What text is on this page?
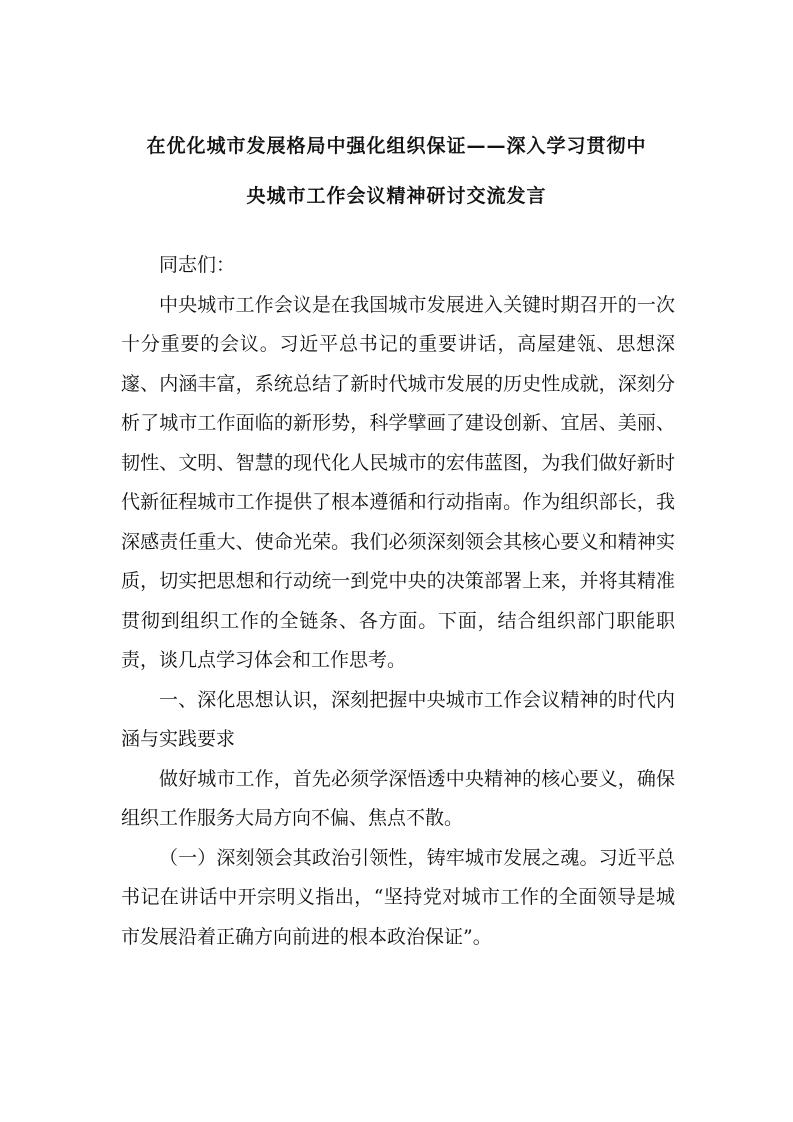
在优化城市发展格局中强化组织保证——深入学习贯彻中
央城市工作会议精神研讨交流发言

同志们：

中央城市工作会议是在我国城市发展进入关键时期召开的一次十分重要的会议。习近平总书记的重要讲话，高屋建瓴、思想深邃、内涵丰富，系统总结了新时代城市发展的历史性成就，深刻分析了城市工作面临的新形势，科学擘画了建设创新、宜居、美丽、韧性、文明、智慧的现代化人民城市的宏伟蓝图，为我们做好新时代新征程城市工作提供了根本遵循和行动指南。作为组织部长，我深感责任重大、使命光荣。我们必须深刻领会其核心要义和精神实质，切实把思想和行动统一到党中央的决策部署上来，并将其精准贯彻到组织工作的全链条、各方面。下面，结合组织部门职能职责，谈几点学习体会和工作思考。

一、深化思想认识，深刻把握中央城市工作会议精神的时代内涵与实践要求

做好城市工作，首先必须学深悟透中央精神的核心要义，确保组织工作服务大局方向不偏、焦点不散。

（一）深刻领会其政治引领性，铸牢城市发展之魂。习近平总书记在讲话中开宗明义指出，“坚持党对城市工作的全面领导是城市发展沿着正确方向前进的根本政治保证”。
